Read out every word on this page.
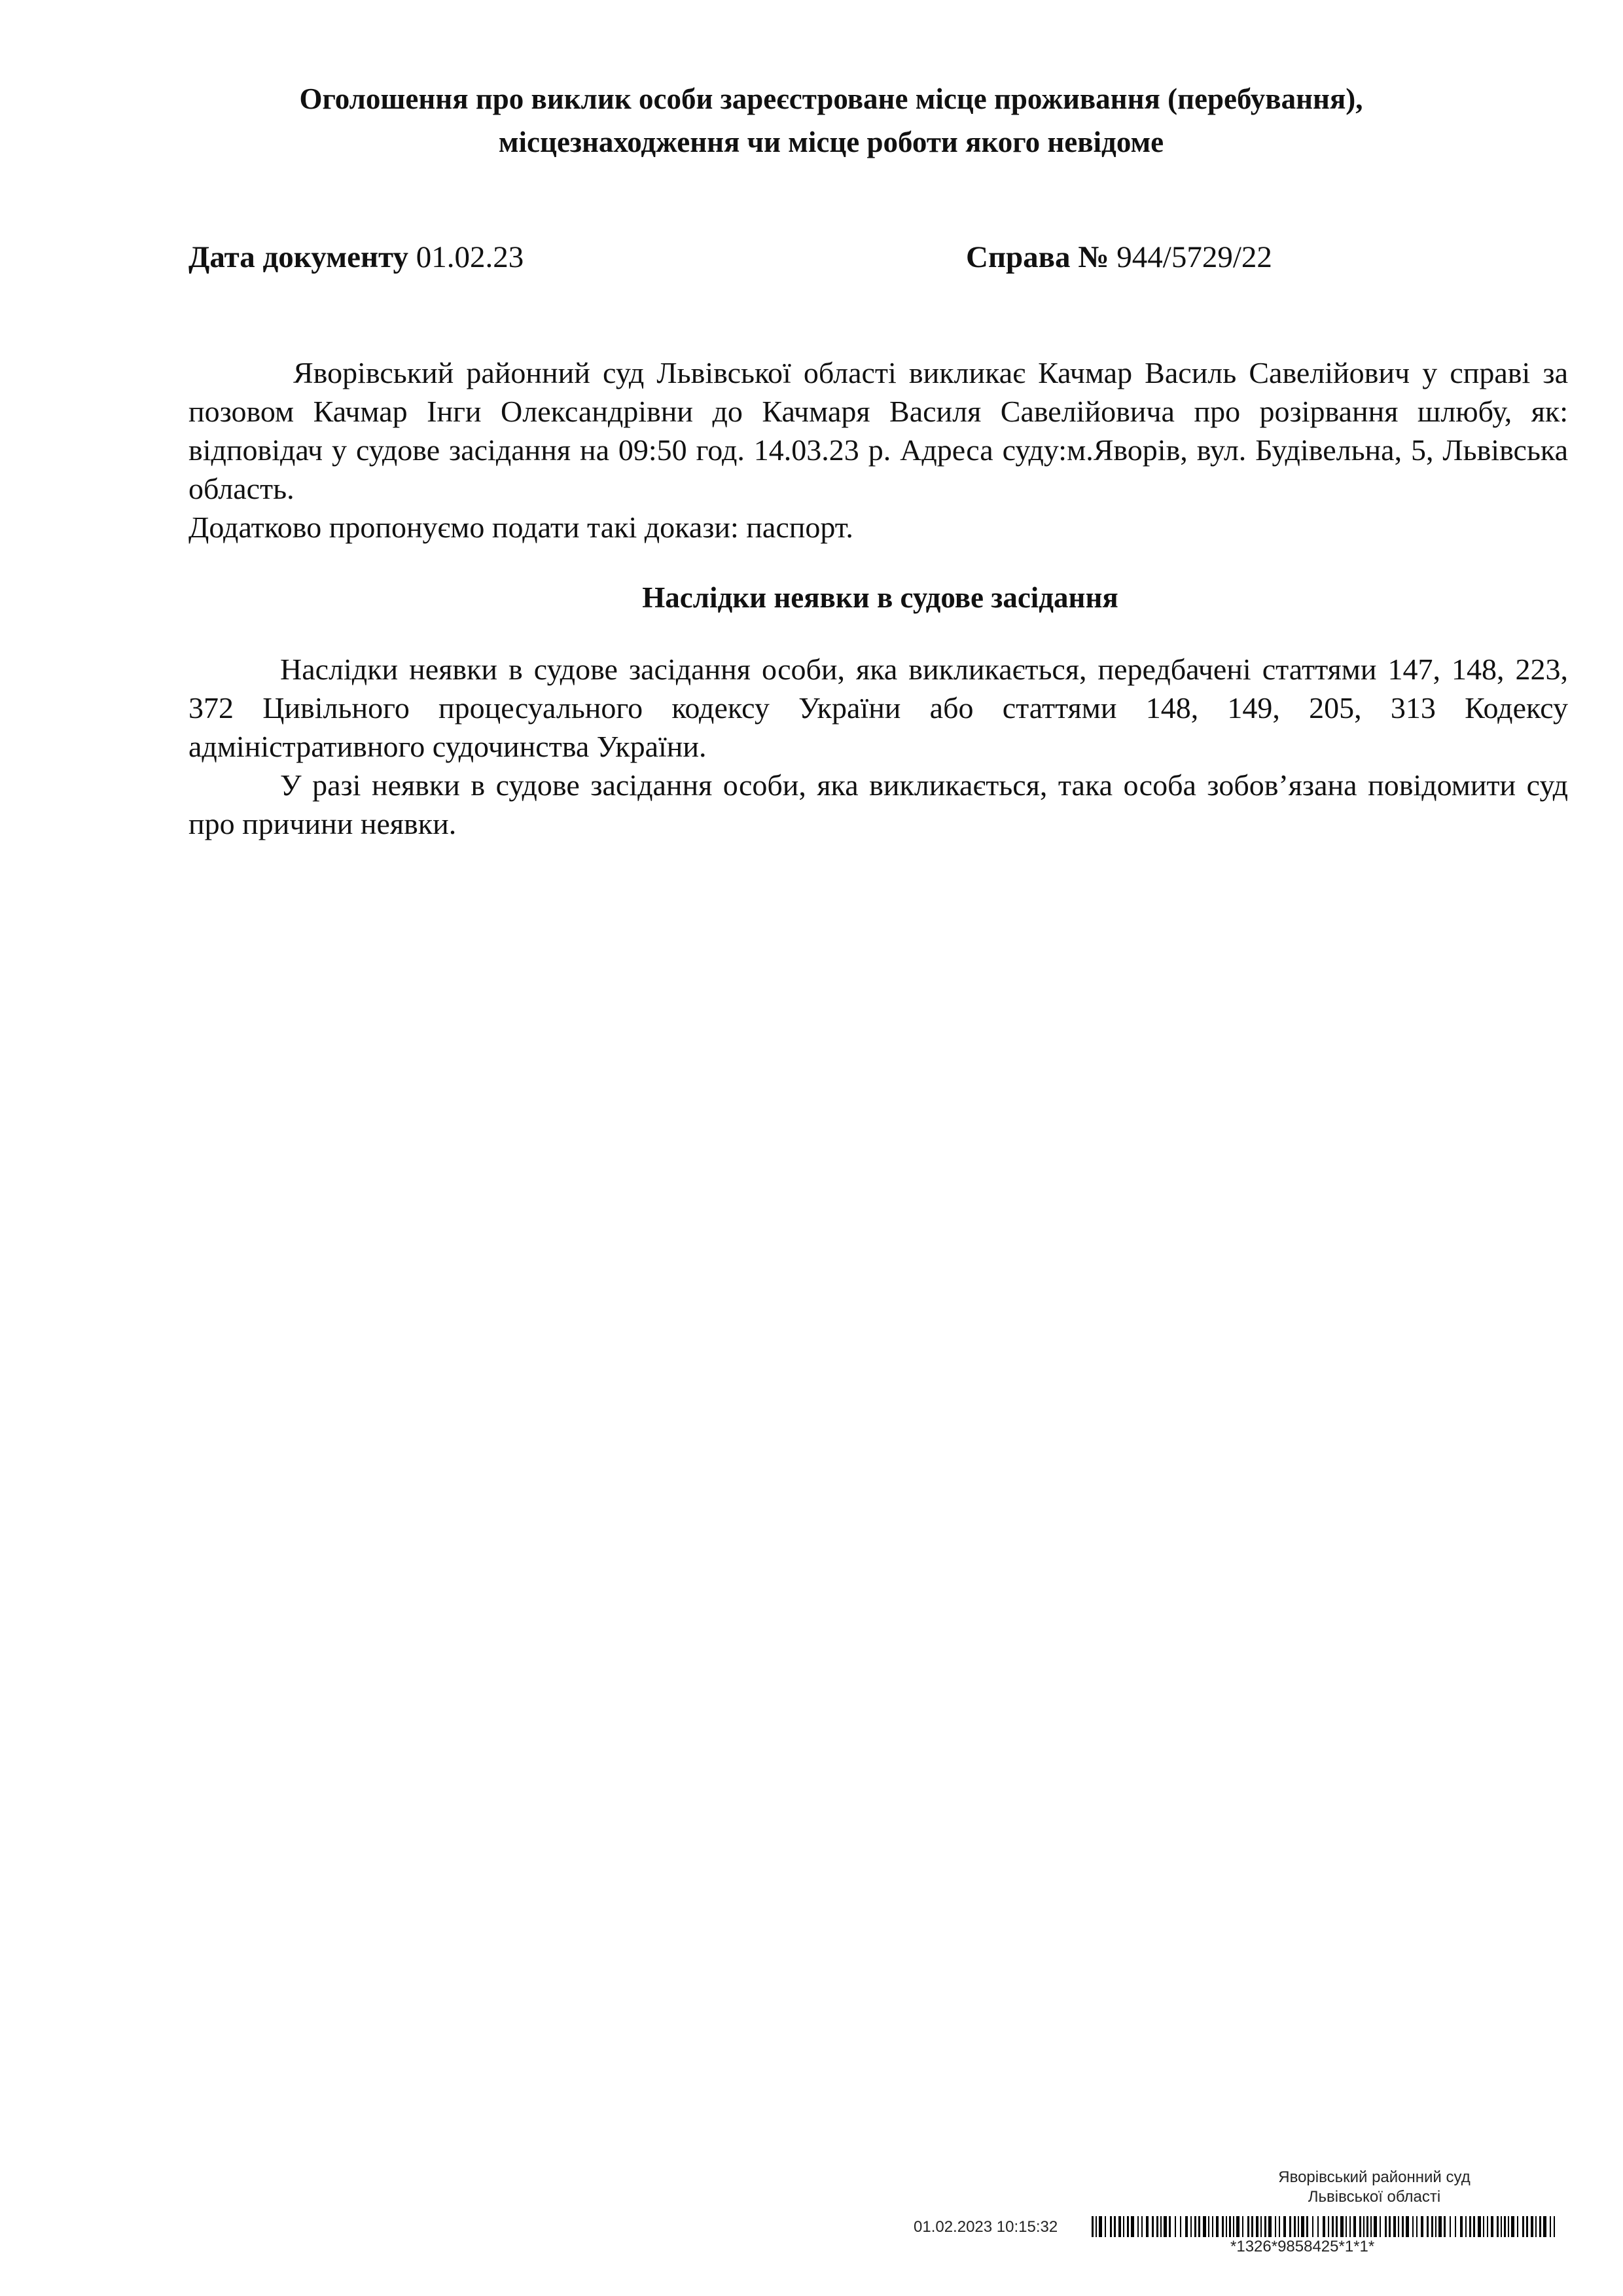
Оголошення про виклик особи зареєстроване місце проживання (перебування),
місцезнаходження чи місце роботи якого невідоме
Дата документу 01.02.23	Справа № 944/5729/22

Яворівський районний суд Львівської області викликає Качмар Василь Савелійович у справі за позовом Качмар Інги Олександрівни до Качмаря Василя Савелійовича про розірвання шлюбу, як: відповідач у судове засідання на 09:50 год. 14.03.23 р. Адреса суду:м.Яворів, вул. Будівельна, 5, Львівська область.

Додатково пропонуємо подати такі докази: паспорт.

Наслідки неявки в судове засідання

Наслідки неявки в судове засідання особи, яка викликається, передбачені статтями 147, 148, 223, 372 Цивільного процесуального кодексу України або статтями 148, 149, 205, 313 Кодексу адміністративного судочинства України.

У разі неявки в судове засідання особи, яка викликається, така особа зобов’язана повідомити суд про причини неявки.

Яворівський районний суд
Львівської області
01.02.2023 10:15:32
*1326*9858425*1*1*
